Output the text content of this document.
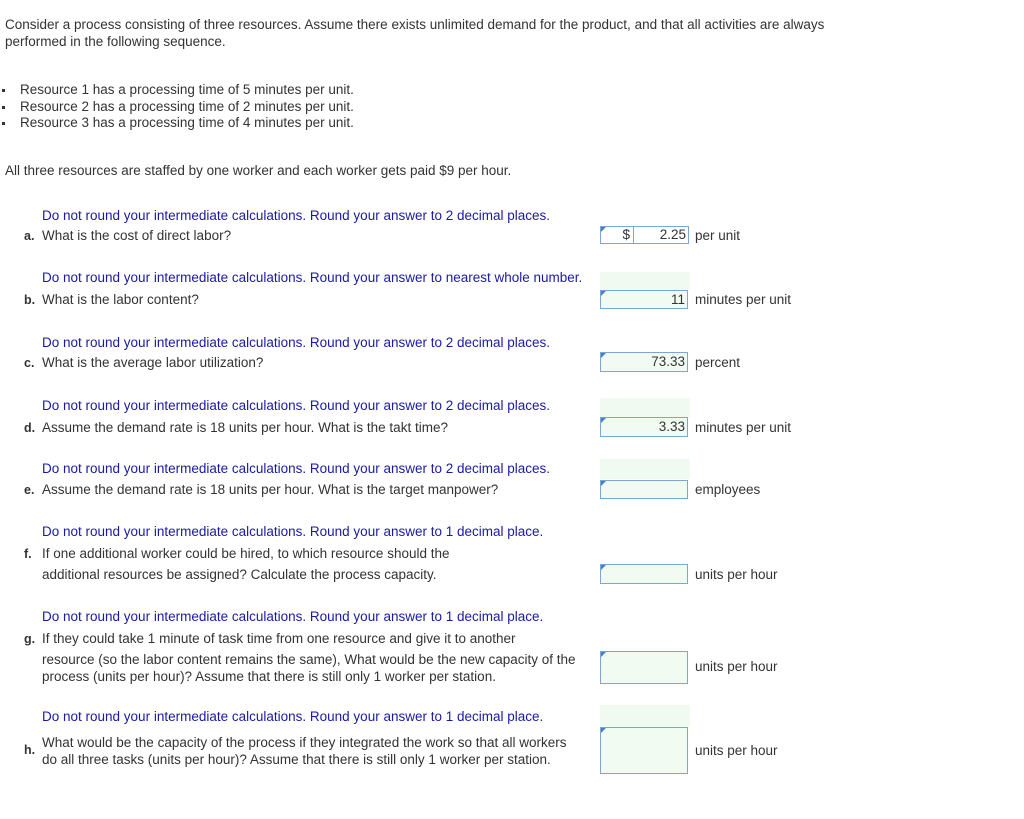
Consider a process consisting of three resources. Assume there exists unlimited demand for the product, and that all activities are always performed in the following sequence.
Resource 1 has a processing time of 5 minutes per unit.
Resource 2 has a processing time of 2 minutes per unit.
Resource 3 has a processing time of 4 minutes per unit.
All three resources are staffed by one worker and each worker gets paid $9 per hour.
Do not round your intermediate calculations. Round your answer to 2 decimal places.
a. What is the cost of direct labor?	$	2.25 per unit
Do not round your intermediate calculations. Round your answer to nearest whole number.
b. What is the labor content?	11 minutes per unit
Do not round your intermediate calculations. Round your answer to 2 decimal places.
c. What is the average labor utilization?	73.33 percent
Do not round your intermediate calculations. Round your answer to 2 decimal places.
d. Assume the demand rate is 18 units per hour. What is the takt time?	3.33 minutes per unit
Do not round your intermediate calculations. Round your answer to 2 decimal places.
e. Assume the demand rate is 18 units per hour. What is the target manpower?	employees
Do not round your intermediate calculations. Round your answer to 1 decimal place.
f. If one additional worker could be hired, to which resource should the
additional resources be assigned? Calculate the process capacity.	units per hour
Do not round your intermediate calculations. Round your answer to 1 decimal place.
g. If they could take 1 minute of task time from one resource and give it to another
resource (so the labor content remains the same), What would be the new capacity of the
process (units per hour)? Assume that there is still only 1 worker per station.
units per hour
Do not round your intermediate calculations. Round your answer to 1 decimal place.
h. What would be the capacity of the process if they integrated the work so that all workers
do all three tasks (units per hour)? Assume that there is still only 1 worker per station.
units per hour
